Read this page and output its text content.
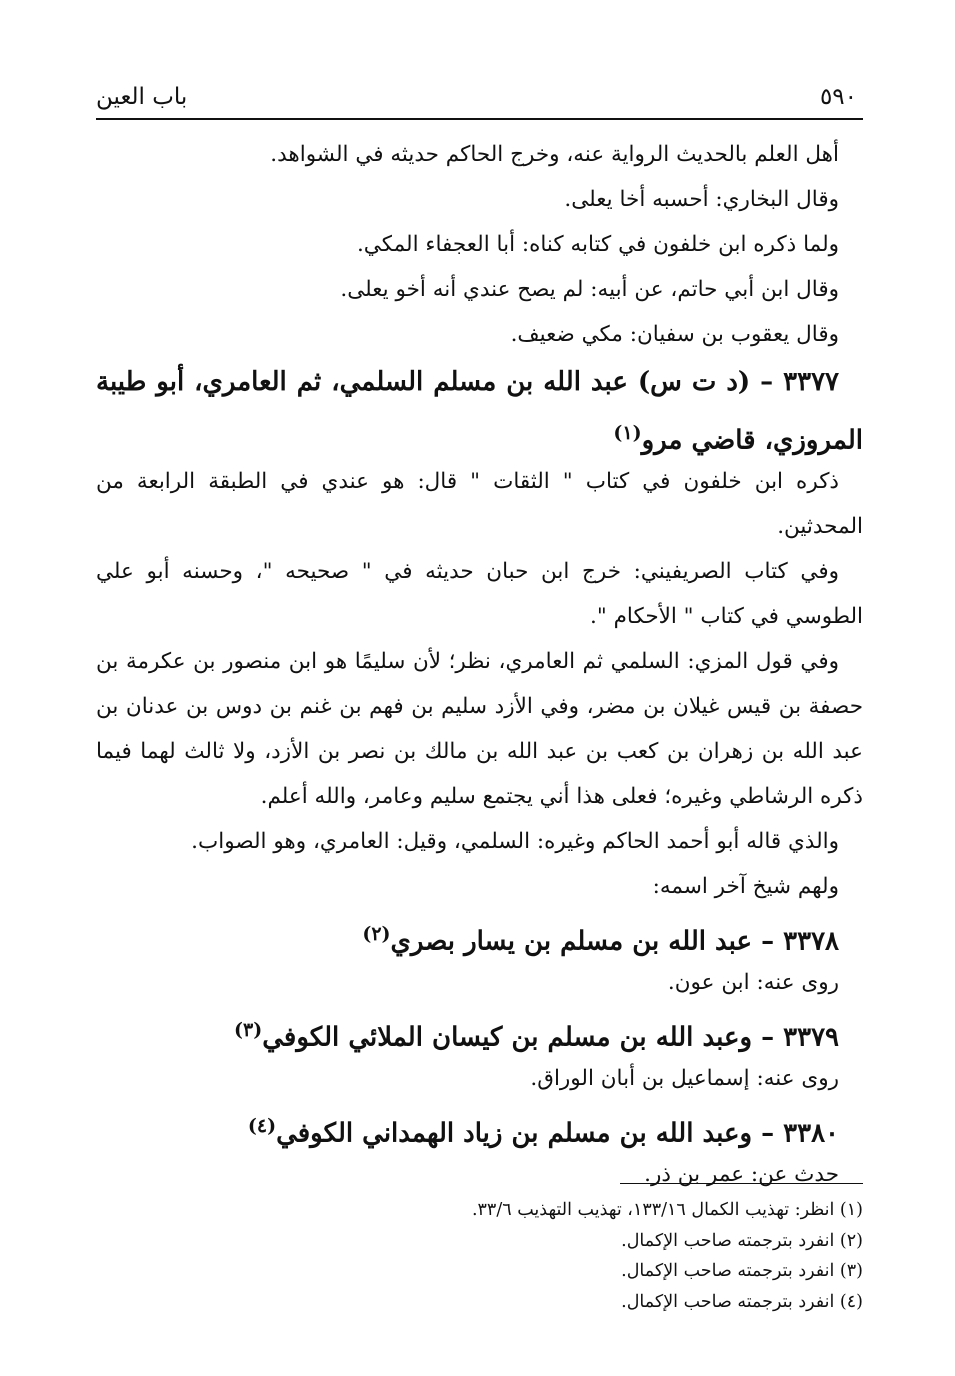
باب العين	٥٩٠
أهل العلم بالحديث الرواية عنه، وخرج الحاكم حديثه في الشواهد.
وقال البخاري: أحسبه أخا يعلى.
ولما ذكره ابن خلفون في كتابه كناه: أبا العجفاء المكي.
وقال ابن أبي حاتم، عن أبيه: لم يصح عندي أنه أخو يعلى.
وقال يعقوب بن سفيان: مكي ضعيف.
٣٣٧٧ – (د ت س) عبد الله بن مسلم السلمي، ثم العامري، أبو طيبة
المروزي، قاضي مرو$^{(١)}$
ذكره ابن خلفون في كتاب " الثقات " قال: هو عندي في الطبقة الرابعة من
المحدثين.
وفي كتاب الصريفيني: خرج ابن حبان حديثه في " صحيحه "، وحسنه أبو علي
الطوسي في كتاب " الأحكام ".
وفي قول المزي: السلمي ثم العامري، نظر؛ لأن سليمًا هو ابن منصور بن عكرمة بن
حصفة بن قيس غيلان بن مضر، وفي الأزد سليم بن فهم بن غنم بن دوس بن عدنان بن
عبد الله بن زهران بن كعب بن عبد الله بن مالك بن نصر بن الأزد، ولا ثالث لهما فيما
ذكره الرشاطي وغيره؛ فعلى هذا أني يجتمع سليم وعامر، والله أعلم.
والذي قاله أبو أحمد الحاكم وغيره: السلمي، وقيل: العامري، وهو الصواب.
ولهم شيخ آخر اسمه:
٣٣٧٨ – عبد الله بن مسلم بن يسار بصري$^{(٢)}$
روى عنه: ابن عون.
٣٣٧٩ – وعبد الله بن مسلم بن كيسان الملائي الكوفي$^{(٣)}$
روى عنه: إسماعيل بن أبان الوراق.
٣٣٨٠ – وعبد الله بن مسلم بن زياد الهمداني الكوفي$^{(٤)}$
حدث عن: عمر بن ذر.
(١) انظر: تهذيب الكمال ١٣٣/١٦، تهذيب التهذيب ٣٣/٦.
(٢) انفرد بترجمته صاحب الإكمال.
(٣) انفرد بترجمته صاحب الإكمال.
(٤) انفرد بترجمته صاحب الإكمال.
